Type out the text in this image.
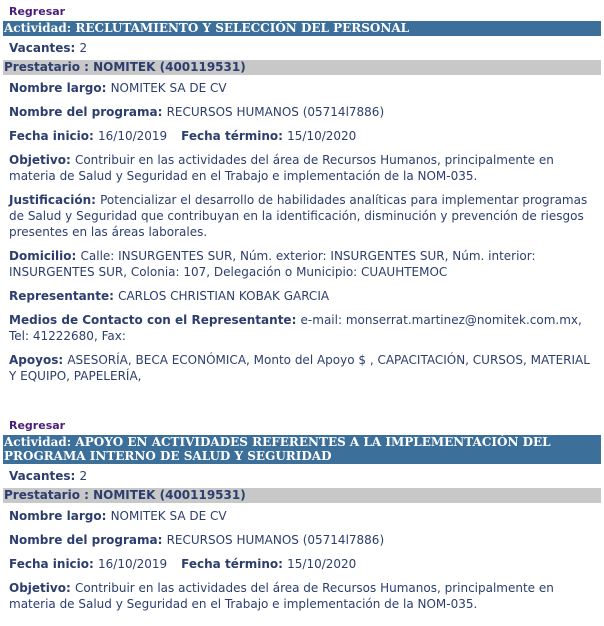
Regresar
Actividad: RECLUTAMIENTO Y SELECCIÓN DEL PERSONAL
Vacantes: 2
Prestatario : NOMITEK (400119531)
Nombre largo: NOMITEK SA DE CV
Nombre del programa: RECURSOS HUMANOS (05714l7886)
Fecha inicio: 16/10/2019 Fecha término: 15/10/2020
Objetivo: Contribuir en las actividades del área de Recursos Humanos, principalmente en materia de Salud y Seguridad en el Trabajo e implementación de la NOM-035.
Justificación: Potencializar el desarrollo de habilidades analíticas para implementar programas de Salud y Seguridad que contribuyan en la identificación, disminución y prevención de riesgos presentes en las áreas laborales.
Domicilio: Calle: INSURGENTES SUR, Núm. exterior: INSURGENTES SUR, Núm. interior: INSURGENTES SUR, Colonia: 107, Delegación o Municipio: CUAUHTEMOC
Representante: CARLOS CHRISTIAN KOBAK GARCIA
Medios de Contacto con el Representante: e-mail: monserrat.martinez@nomitek.com.mx, Tel: 41222680, Fax:
Apoyos: ASESORÍA, BECA ECONÓMICA, Monto del Apoyo $ , CAPACITACIÓN, CURSOS, MATERIAL Y EQUIPO, PAPELERÍA,
Regresar
Actividad: APOYO EN ACTIVIDADES REFERENTES A LA IMPLEMENTACIÓN DEL PROGRAMA INTERNO DE SALUD Y SEGURIDAD
Vacantes: 2
Prestatario : NOMITEK (400119531)
Nombre largo: NOMITEK SA DE CV
Nombre del programa: RECURSOS HUMANOS (05714l7886)
Fecha inicio: 16/10/2019 Fecha término: 15/10/2020
Objetivo: Contribuir en las actividades del área de Recursos Humanos, principalmente en materia de Salud y Seguridad en el Trabajo e implementación de la NOM-035.
